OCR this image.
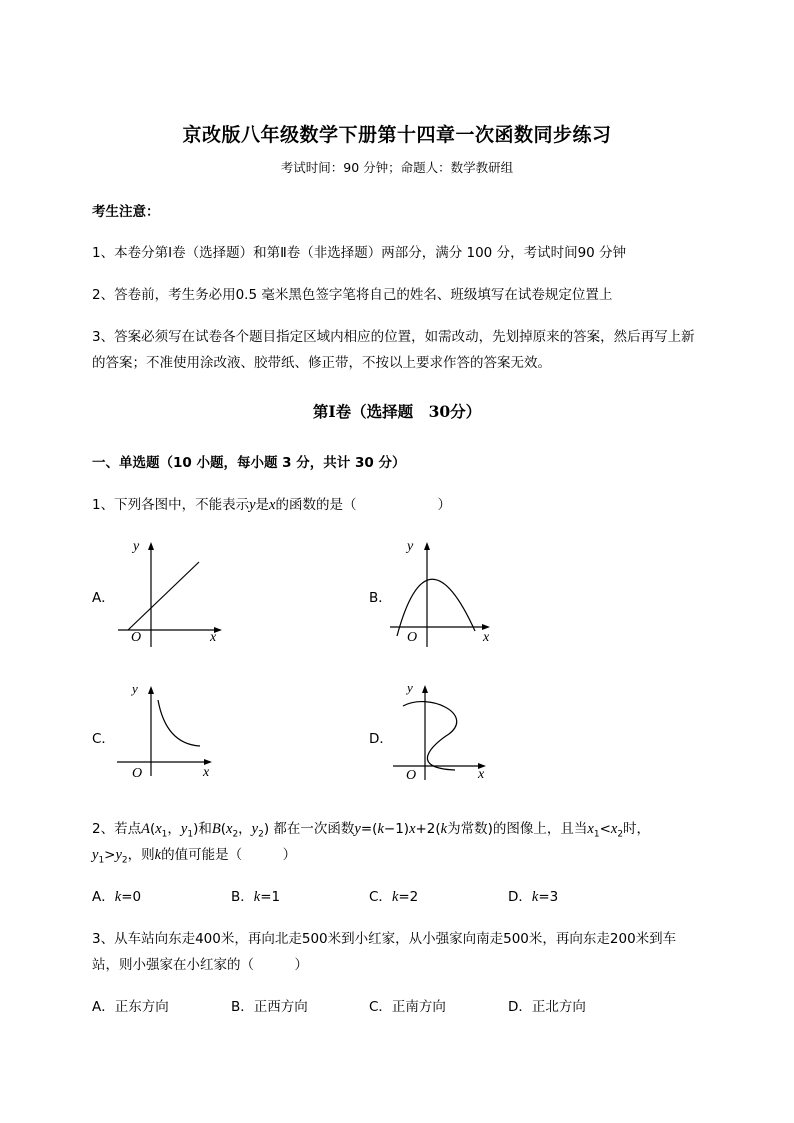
京改版八年级数学下册第十四章一次函数同步练习
考试时间：90 分钟；命题人：数学教研组
考生注意：
1、本卷分第Ⅰ卷（选择题）和第Ⅱ卷（非选择题）两部分，满分 100 分，考试时间90 分钟
2、答卷前，考生务必用0.5 毫米黑色签字笔将自己的姓名、班级填写在试卷规定位置上
3、答案必须写在试卷各个题目指定区域内相应的位置，如需改动，先划掉原来的答案，然后再写上新
的答案；不准使用涂改液、胶带纸、修正带，不按以上要求作答的答案无效。
第Ⅰ卷（选择题　30分）
一、单选题（10 小题，每小题 3 分，共计 30 分）
1、下列各图中，不能表示y是x的函数的是（　　　　　　	）
A．	B．
C．	D．
y
x
O
y
x
O
y
x
O
y
x
O
2、若点$A(x_1$，$y_1$)和$B(x_2$，$y_2$) 都在一次函数y=(k−1)x+2(k为常数)的图像上，且当$x_1<x_2$时，
$y_1>y_2$，则k的值可能是（　　　）
A．k=0	B．k=1	C．k=2	D．k=3
3、从车站向东走400米，再向北走500米到小红家，从小强家向南走500米，再向东走200米到车
站，则小强家在小红家的（　　　）
A．正东方向	B．正西方向	C．正南方向	D．正北方向
